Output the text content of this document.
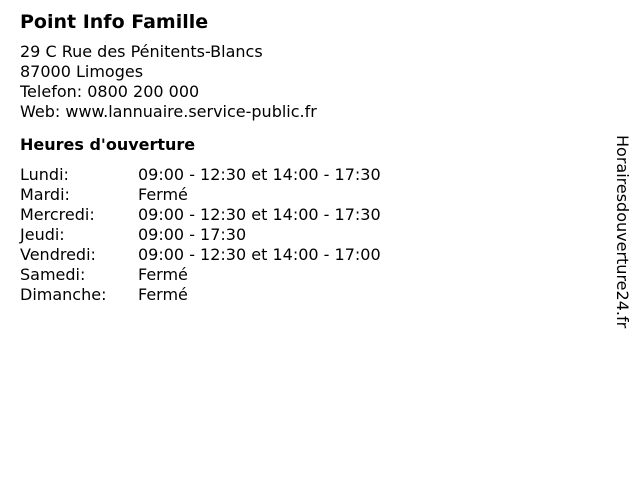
Point Info Famille
29 C Rue des Pénitents-Blancs
87000 Limoges
Telefon: 0800 200 000
Web: www.lannuaire.service-public.fr
Heures d'ouverture
Lundi:	09:00 - 12:30 et 14:00 - 17:30
Mardi:	Fermé
Mercredi:	09:00 - 12:30 et 14:00 - 17:30
Jeudi:	09:00 - 17:30
Vendredi:	09:00 - 12:30 et 14:00 - 17:00
Samedi:	Fermé
Dimanche:	Fermé	Horairesdouverture24.fr
